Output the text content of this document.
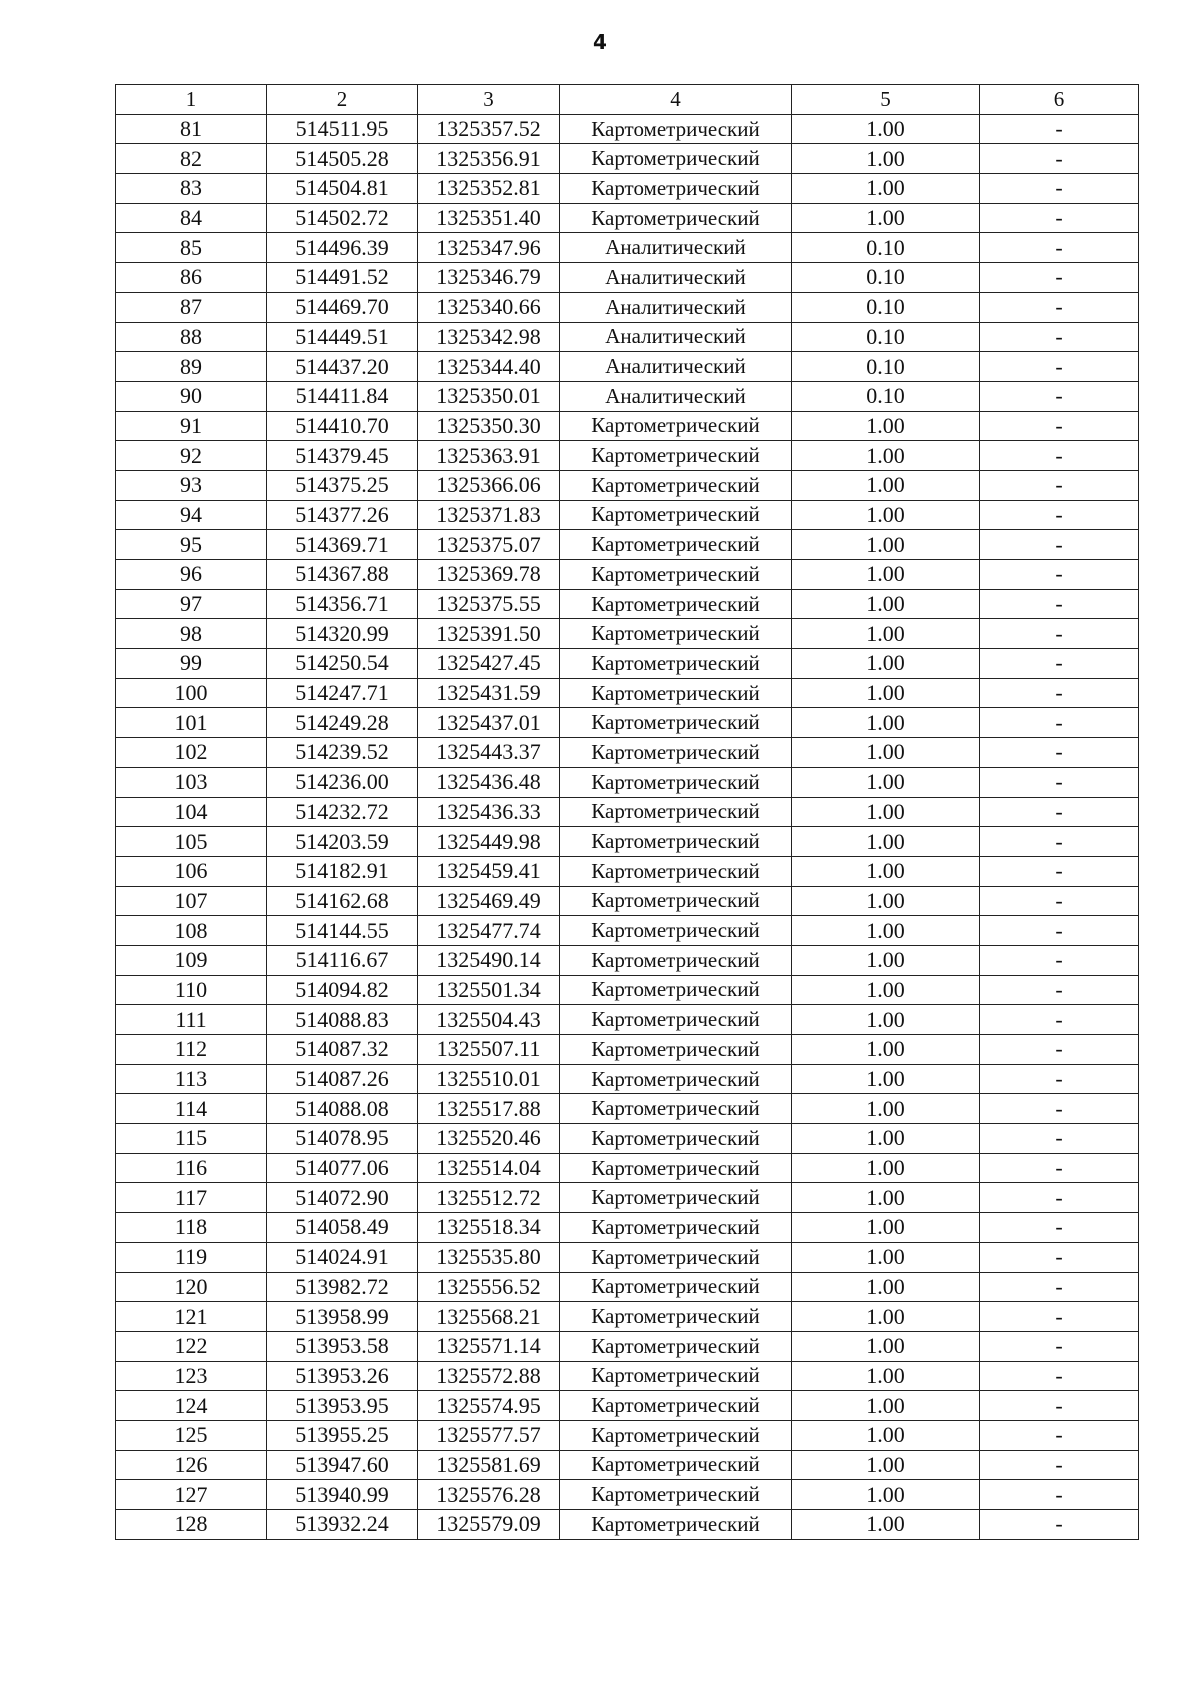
4
1	2	3	4	5	6
81	514511.95	1325357.52	Картометрический	1.00	-
82	514505.28	1325356.91	Картометрический	1.00	-
83	514504.81	1325352.81	Картометрический	1.00	-
84	514502.72	1325351.40	Картометрический	1.00	-
85	514496.39	1325347.96	Аналитический	0.10	-
86	514491.52	1325346.79	Аналитический	0.10	-
87	514469.70	1325340.66	Аналитический	0.10	-
88	514449.51	1325342.98	Аналитический	0.10	-
89	514437.20	1325344.40	Аналитический	0.10	-
90	514411.84	1325350.01	Аналитический	0.10	-
91	514410.70	1325350.30	Картометрический	1.00	-
92	514379.45	1325363.91	Картометрический	1.00	-
93	514375.25	1325366.06	Картометрический	1.00	-
94	514377.26	1325371.83	Картометрический	1.00	-
95	514369.71	1325375.07	Картометрический	1.00	-
96	514367.88	1325369.78	Картометрический	1.00	-
97	514356.71	1325375.55	Картометрический	1.00	-
98	514320.99	1325391.50	Картометрический	1.00	-
99	514250.54	1325427.45	Картометрический	1.00	-
100	514247.71	1325431.59	Картометрический	1.00	-
101	514249.28	1325437.01	Картометрический	1.00	-
102	514239.52	1325443.37	Картометрический	1.00	-
103	514236.00	1325436.48	Картометрический	1.00	-
104	514232.72	1325436.33	Картометрический	1.00	-
105	514203.59	1325449.98	Картометрический	1.00	-
106	514182.91	1325459.41	Картометрический	1.00	-
107	514162.68	1325469.49	Картометрический	1.00	-
108	514144.55	1325477.74	Картометрический	1.00	-
109	514116.67	1325490.14	Картометрический	1.00	-
110	514094.82	1325501.34	Картометрический	1.00	-
111	514088.83	1325504.43	Картометрический	1.00	-
112	514087.32	1325507.11	Картометрический	1.00	-
113	514087.26	1325510.01	Картометрический	1.00	-
114	514088.08	1325517.88	Картометрический	1.00	-
115	514078.95	1325520.46	Картометрический	1.00	-
116	514077.06	1325514.04	Картометрический	1.00	-
117	514072.90	1325512.72	Картометрический	1.00	-
118	514058.49	1325518.34	Картометрический	1.00	-
119	514024.91	1325535.80	Картометрический	1.00	-
120	513982.72	1325556.52	Картометрический	1.00	-
121	513958.99	1325568.21	Картометрический	1.00	-
122	513953.58	1325571.14	Картометрический	1.00	-
123	513953.26	1325572.88	Картометрический	1.00	-
124	513953.95	1325574.95	Картометрический	1.00	-
125	513955.25	1325577.57	Картометрический	1.00	-
126	513947.60	1325581.69	Картометрический	1.00	-
127	513940.99	1325576.28	Картометрический	1.00	-
128	513932.24	1325579.09	Картометрический	1.00	-
